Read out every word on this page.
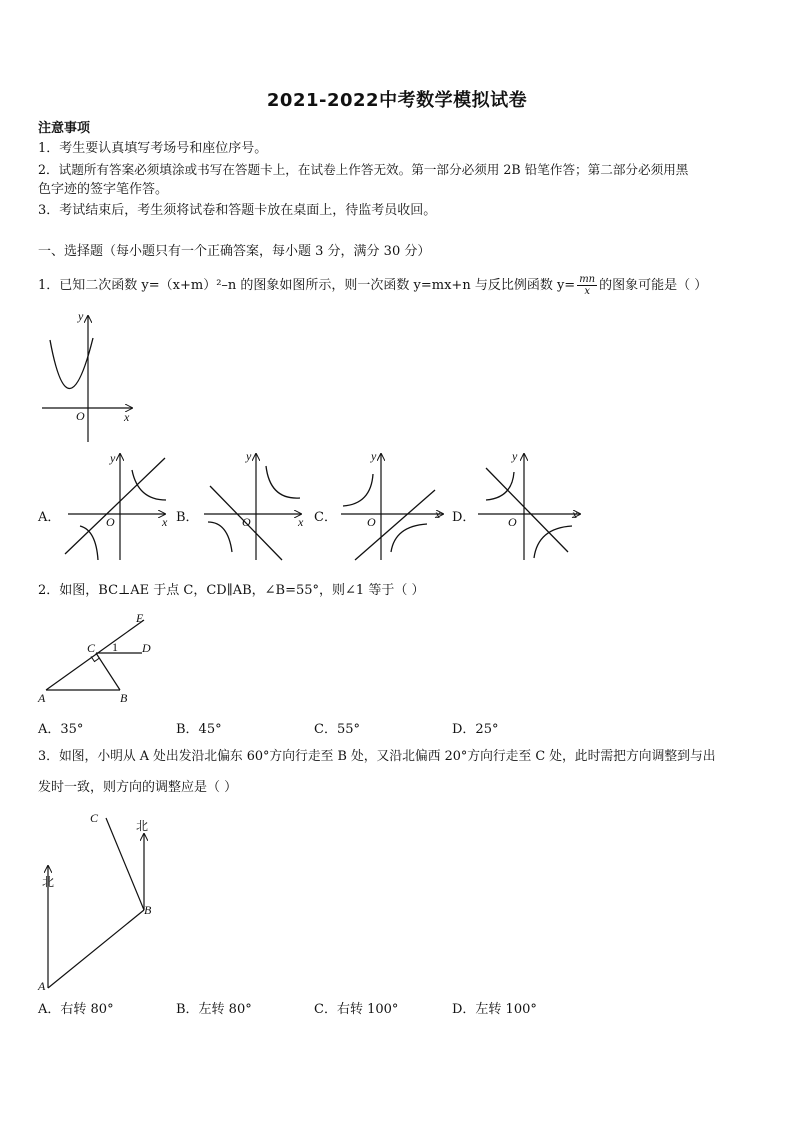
2021-2022中考数学模拟试卷
注意事项
1．考生要认真填写考场号和座位序号。
2．试题所有答案必须填涂或书写在答题卡上，在试卷上作答无效。第一部分必须用 2B 铅笔作答；第二部分必须用黑
色字迹的签字笔作答。
3．考试结束后，考生须将试卷和答题卡放在桌面上，待监考员收回。
一、选择题（每小题只有一个正确答案，每小题 3 分，满分 30 分）
1．已知二次函数 y=（x+m）²–n 的图象如图所示，则一次函数 y=mx+n 与反比例函数 $y= \frac{mn}{x}$ 的图象可能是（ ）
y
x
O
A．
y
x
O	B．
y
x
O	C．
y
x
O	D．
y
x
O
2．如图，BC⊥AE 于点 C，CD∥AB，∠B=55°，则∠1 等于（ ）
E
C 1 D
A	B
A．35°	B．45°	C．55°	D．25°
3．如图，小明从 A 处出发沿北偏东 60°方向行走至 B 处，又沿北偏西 20°方向行走至 C 处，此时需把方向调整到与出
发时一致，则方向的调整应是（ ）
C
北
北
B
A
A．右转 80°	B．左转 80°	C．右转 100°	D．左转 100°
